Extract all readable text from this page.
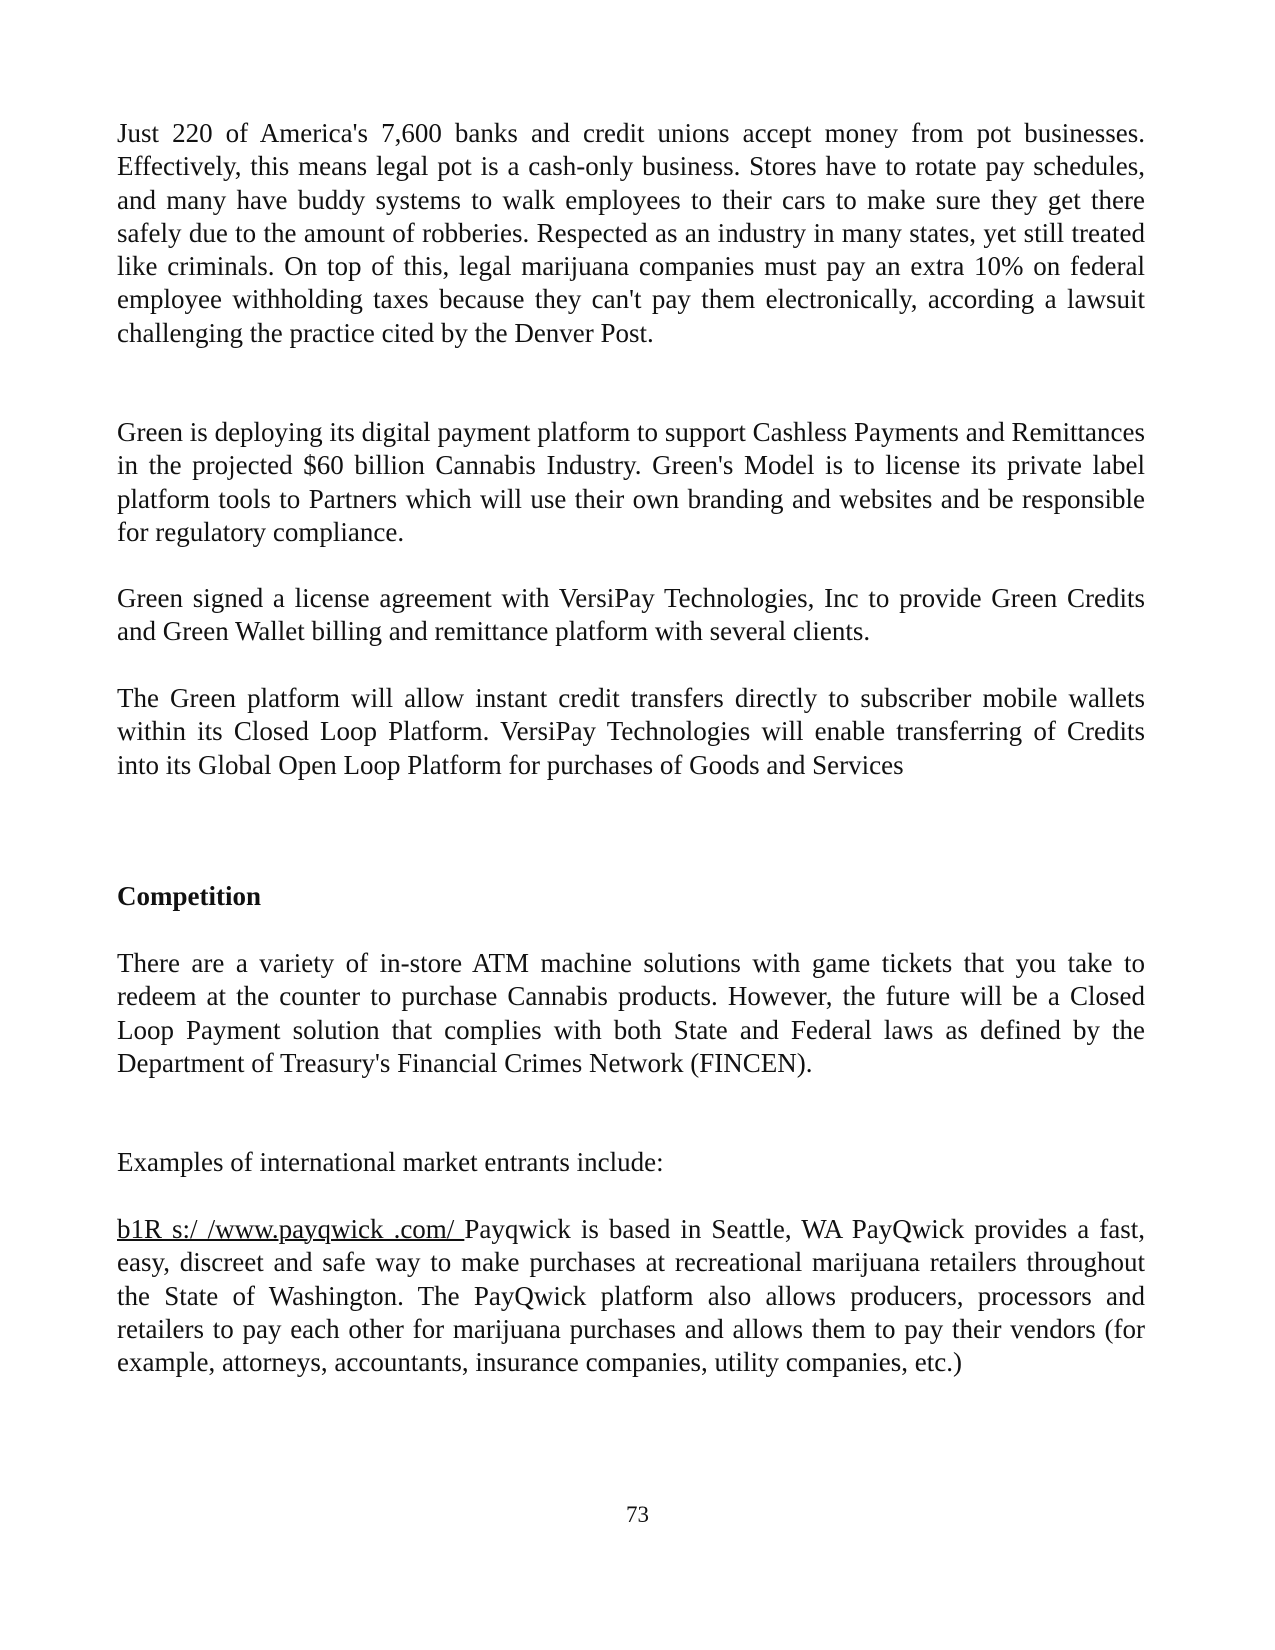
Just 220 of America's 7,600 banks and credit unions accept money from pot businesses. Effectively, this means legal pot is a cash-only business. Stores have to rotate pay schedules, and many have buddy systems to walk employees to their cars to make sure they get there safely due to the amount of robberies. Respected as an industry in many states, yet still treated like criminals. On top of this, legal marijuana companies must pay an extra 10% on federal employee withholding taxes because they can't pay them electronically, according a lawsuit challenging the practice cited by the Denver Post.

Green is deploying its digital payment platform to support Cashless Payments and Remittances in the projected $60 billion Cannabis Industry. Green's Model is to license its private label platform tools to Partners which will use their own branding and websites and be responsible for regulatory compliance.

Green signed a license agreement with VersiPay Technologies, Inc to provide Green Credits and Green Wallet billing and remittance platform with several clients.

The Green platform will allow instant credit transfers directly to subscriber mobile wallets within its Closed Loop Platform. VersiPay Technologies will enable transferring of Credits into its Global Open Loop Platform for purchases of Goods and Services

Competition

There are a variety of in-store ATM machine solutions with game tickets that you take to redeem at the counter to purchase Cannabis products. However, the future will be a Closed Loop Payment solution that complies with both State and Federal laws as defined by the Department of Treasury's Financial Crimes Network (FINCEN).

Examples of international market entrants include:

b1R s:/ /www.payqwick .com/ Payqwick is based in Seattle, WA PayQwick provides a fast, easy, discreet and safe way to make purchases at recreational marijuana retailers throughout the State of Washington. The PayQwick platform also allows producers, processors and retailers to pay each other for marijuana purchases and allows them to pay their vendors (for example, attorneys, accountants, insurance companies, utility companies, etc.)

73
